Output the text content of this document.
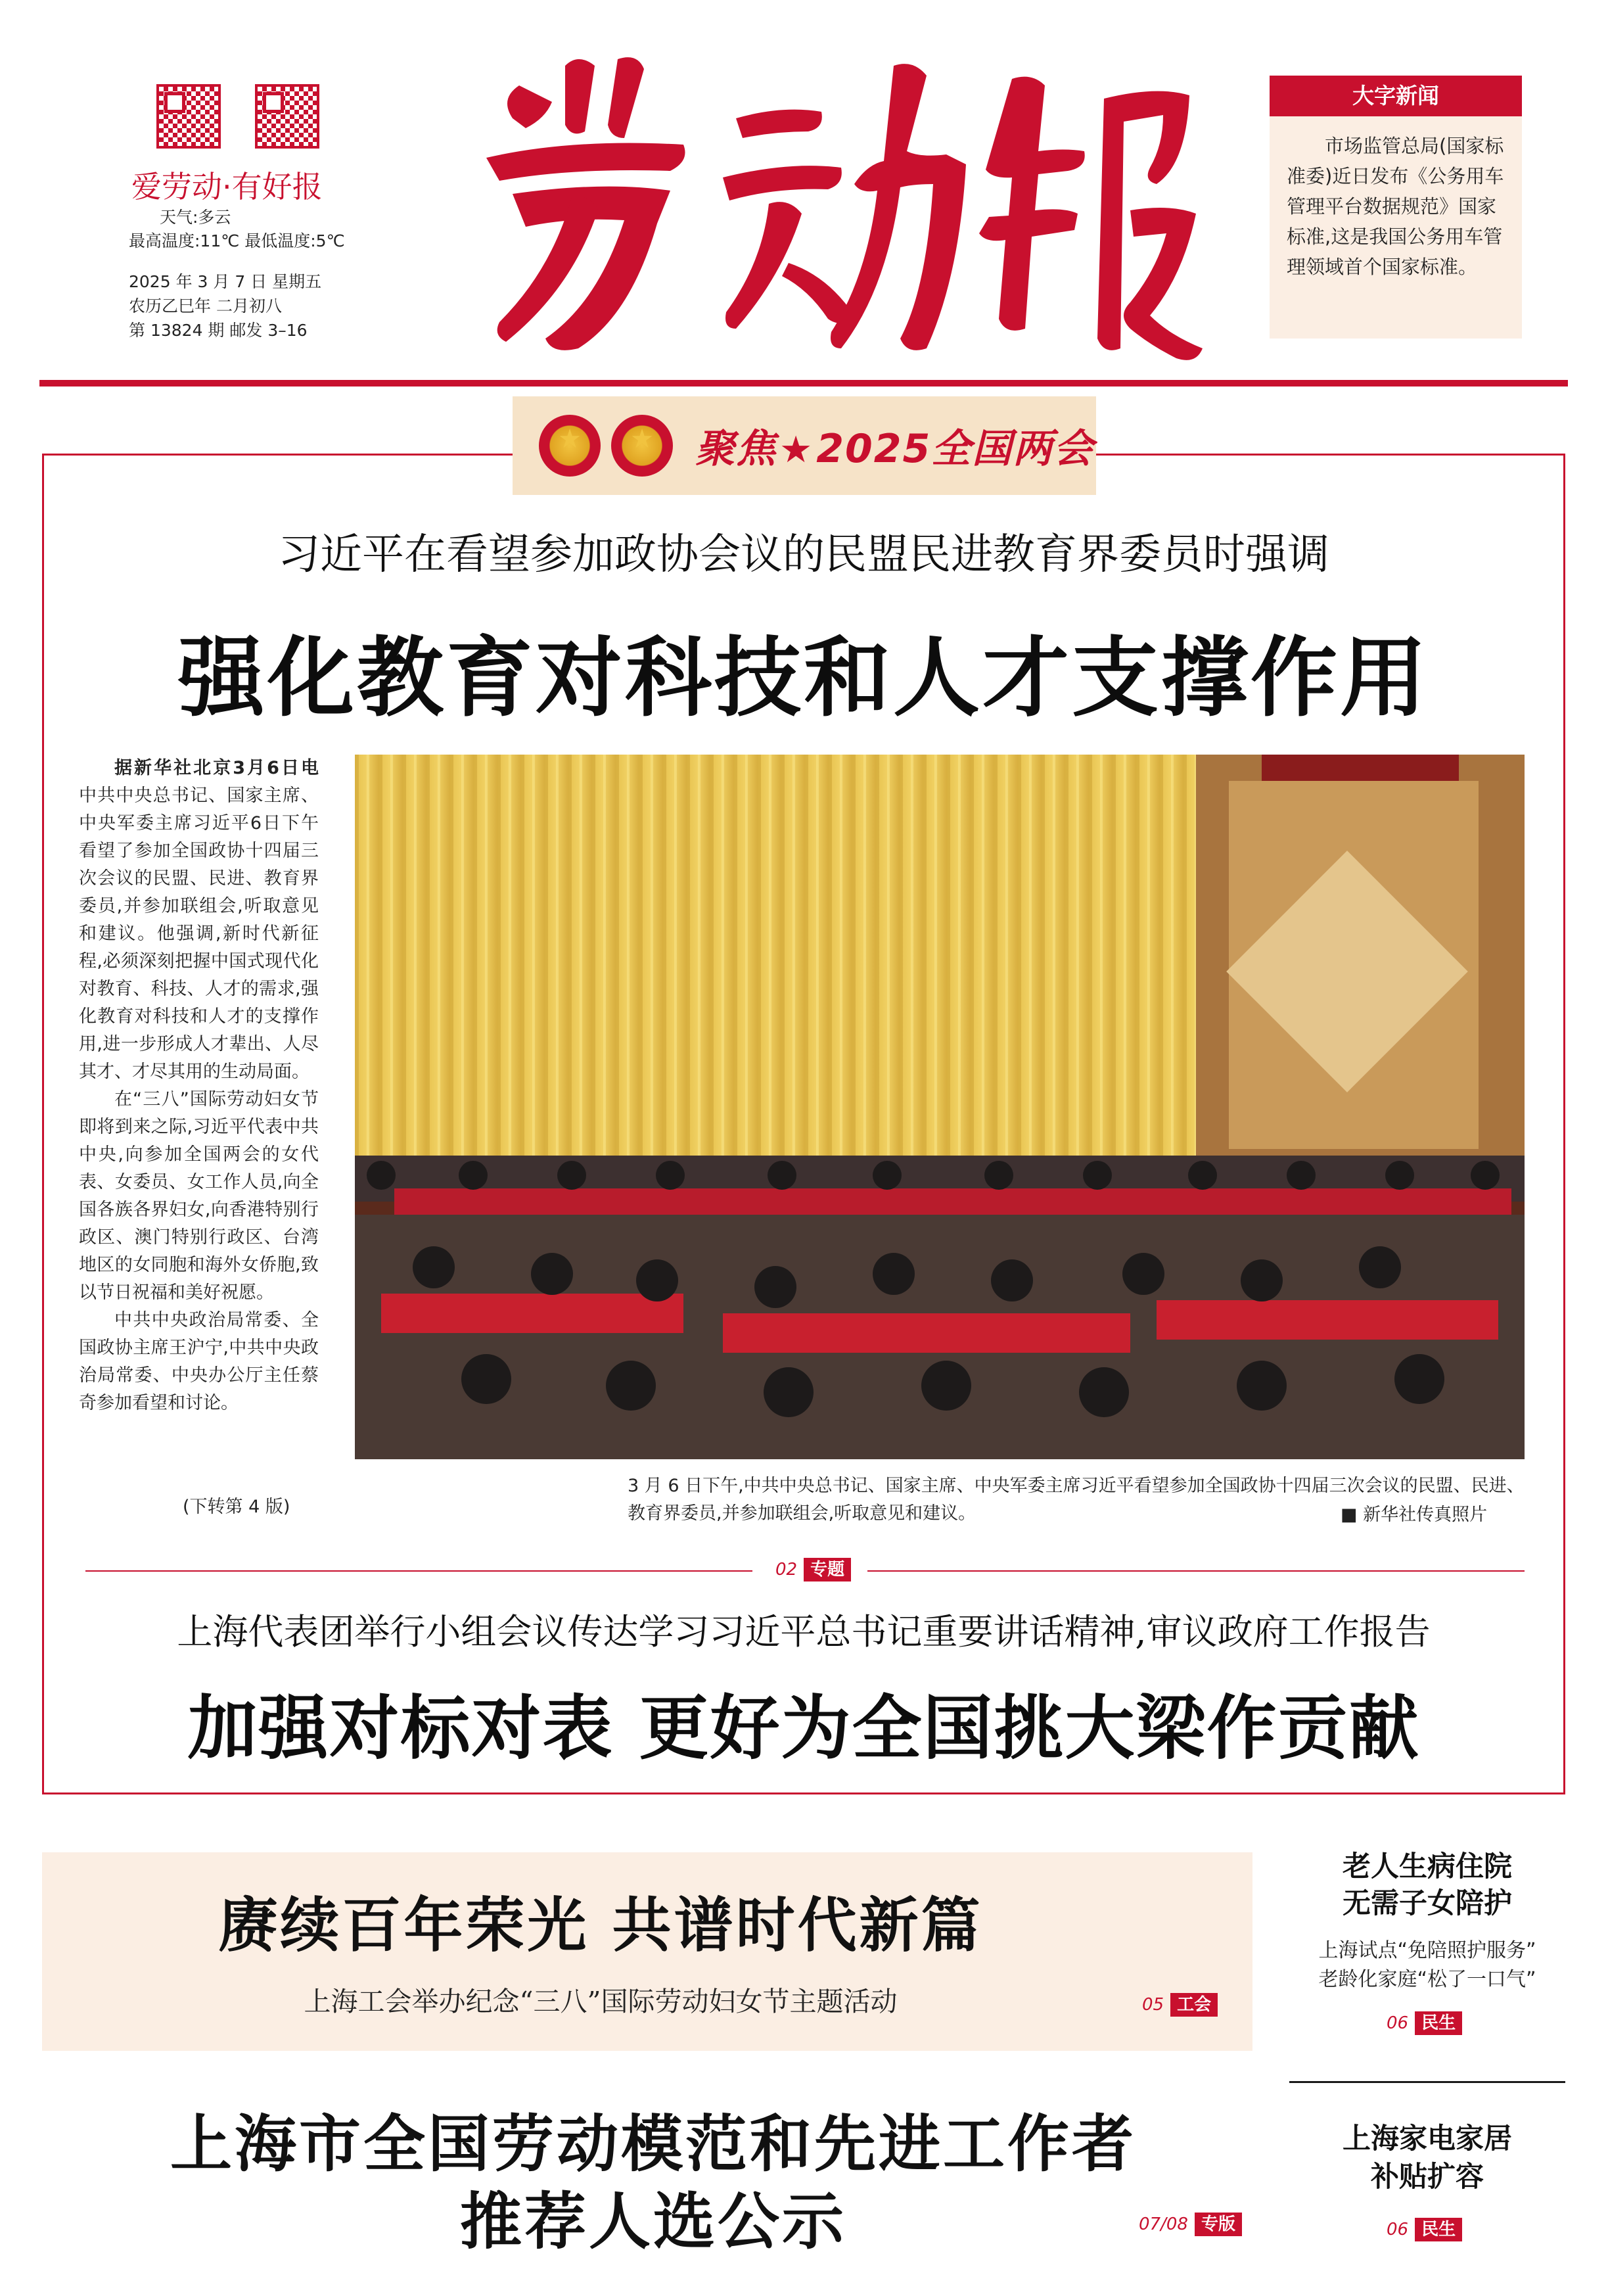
爱劳动·有好报
天气:多云
最高温度:11℃ 最低温度:5℃
2025 年 3 月 7 日 星期五
农历乙巳年 二月初八
第 13824 期 邮发 3–16
大字新闻
市场监管总局(国家标准委)近日发布《公务用车管理平台数据规范》国家标准,这是我国公务用车管理领域首个国家标准。
★
★
聚焦★2025全国两会
习近平在看望参加政协会议的民盟民进教育界委员时强调
强化教育对科技和人才支撑作用

据新华社北京3月6日电 中共中央总书记、国家主席、中央军委主席习近平6日下午看望了参加全国政协十四届三次会议的民盟、民进、教育界委员,并参加联组会,听取意见和建议。他强调,新时代新征程,必须深刻把握中国式现代化对教育、科技、人才的需求,强化教育对科技和人才的支撑作用,进一步形成人才辈出、人尽其才、才尽其用的生动局面。

在“三八”国际劳动妇女节即将到来之际,习近平代表中共中央,向参加全国两会的女代表、女委员、女工作人员,向全国各族各界妇女,向香港特别行政区、澳门特别行政区、台湾地区的女同胞和海外女侨胞,致以节日祝福和美好祝愿。

中共中央政治局常委、全国政协主席王沪宁,中共中央政治局常委、中央办公厅主任蔡奇参加看望和讨论。

(下转第 4 版)
3 月 6 日下午,中共中央总书记、国家主席、中央军委主席习近平看望参加全国政协十四届三次会议的民盟、民进、教育界委员,并参加联组会,听取意见和建议。	■ 新华社传真照片
02 专题
上海代表团举行小组会议传达学习习近平总书记重要讲话精神,审议政府工作报告
加强对标对表 更好为全国挑大梁作贡献
赓续百年荣光 共谱时代新篇
上海工会举办纪念“三八”国际劳动妇女节主题活动	05 工会
上海市全国劳动模范和先进工作者
推荐人选公示	07/08 专版
老人生病住院
无需子女陪护
上海试点“免陪照护服务”
老龄化家庭“松了一口气”
06 民生
上海家电家居
补贴扩容
06 民生
